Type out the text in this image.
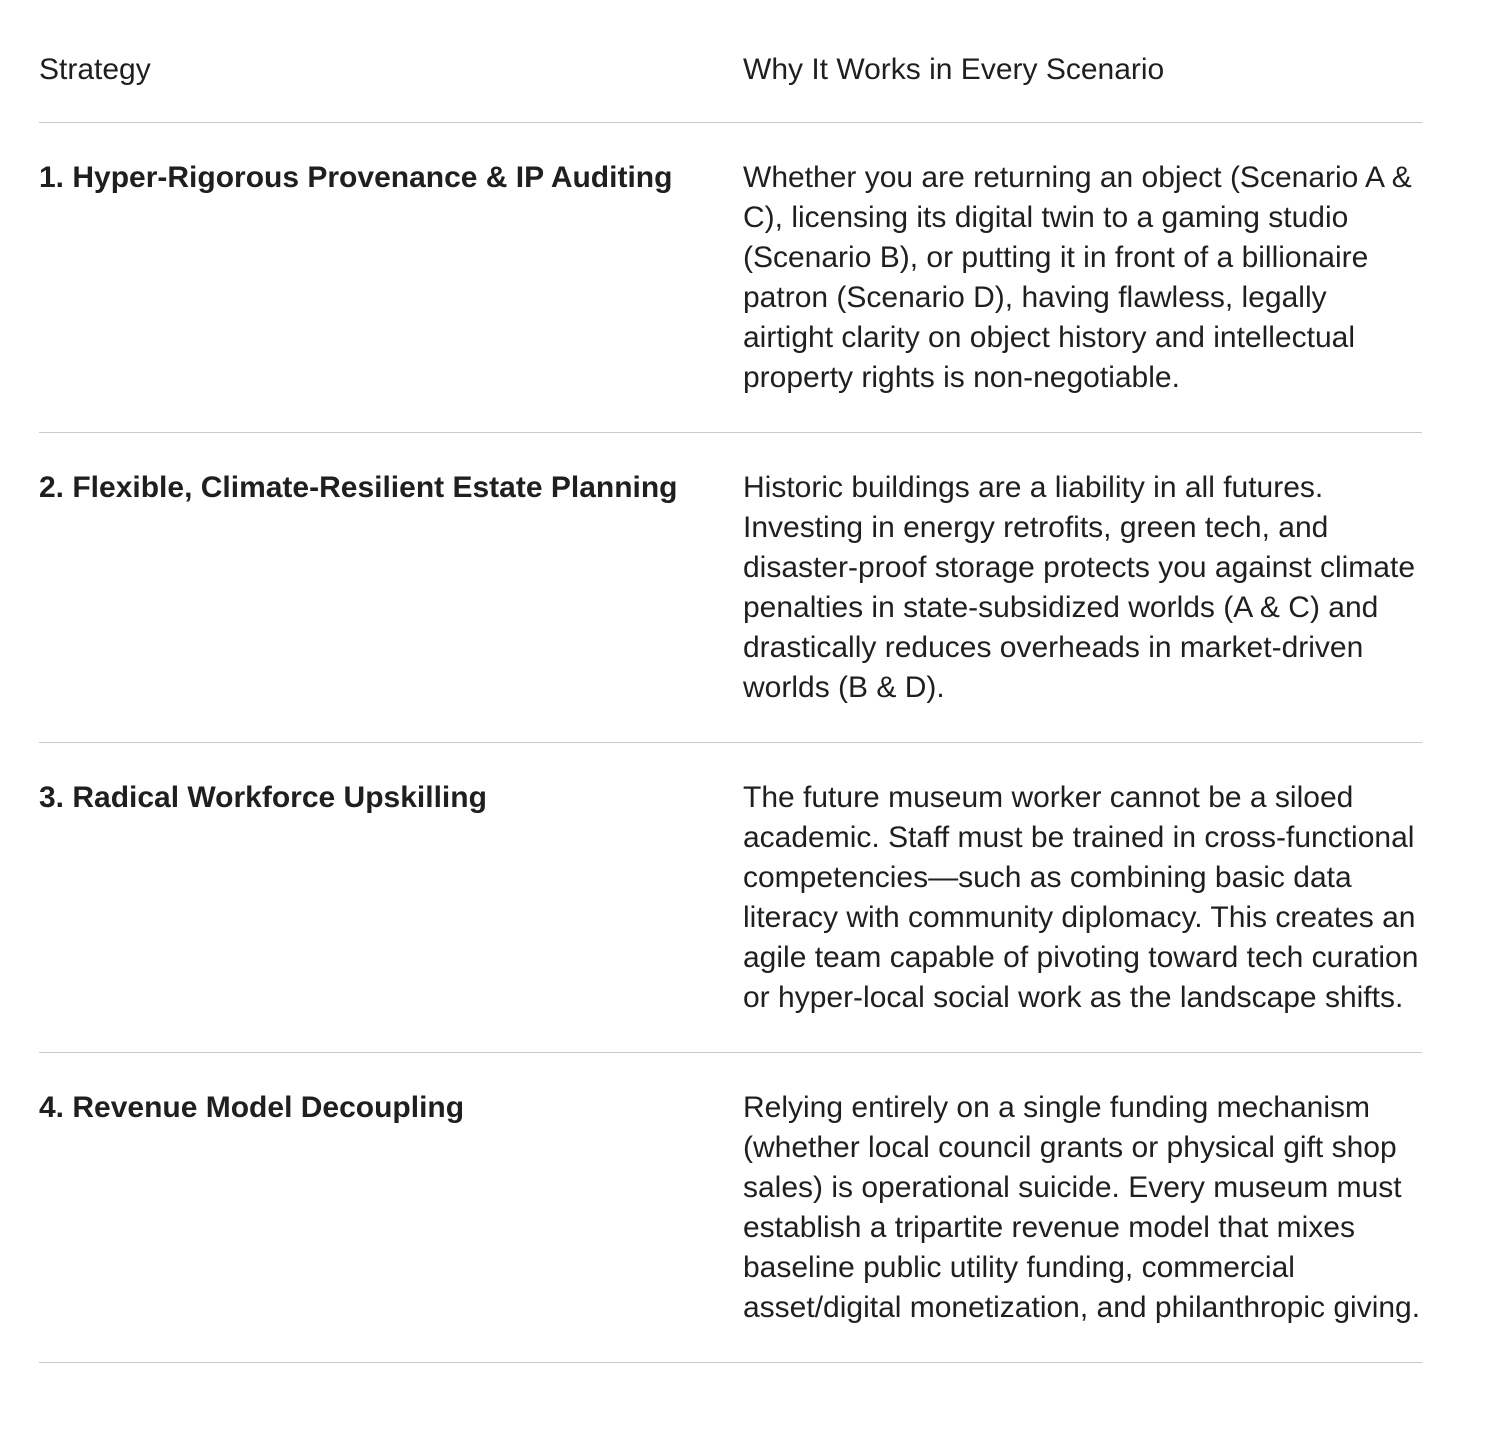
Strategy	Why It Works in Every Scenario
1. Hyper-Rigorous Provenance & IP Auditing	Whether you are returning an object (Scenario A & C), licensing its digital twin to a gaming studio (Scenario B), or putting it in front of a billionaire patron (Scenario D), having flawless, legally airtight clarity on object history and intellectual property rights is non-negotiable.
2. Flexible, Climate-Resilient Estate Planning	Historic buildings are a liability in all futures. Investing in energy retrofits, green tech, and disaster-proof storage protects you against climate penalties in state-subsidized worlds (A & C) and drastically reduces overheads in market-driven worlds (B & D).
3. Radical Workforce Upskilling	The future museum worker cannot be a siloed academic. Staff must be trained in cross-functional competencies—such as combining basic data literacy with community diplomacy. This creates an agile team capable of pivoting toward tech curation or hyper-local social work as the landscape shifts.
4. Revenue Model Decoupling	Relying entirely on a single funding mechanism (whether local council grants or physical gift shop sales) is operational suicide. Every museum must establish a tripartite revenue model that mixes baseline public utility funding, commercial asset/digital monetization, and philanthropic giving.
